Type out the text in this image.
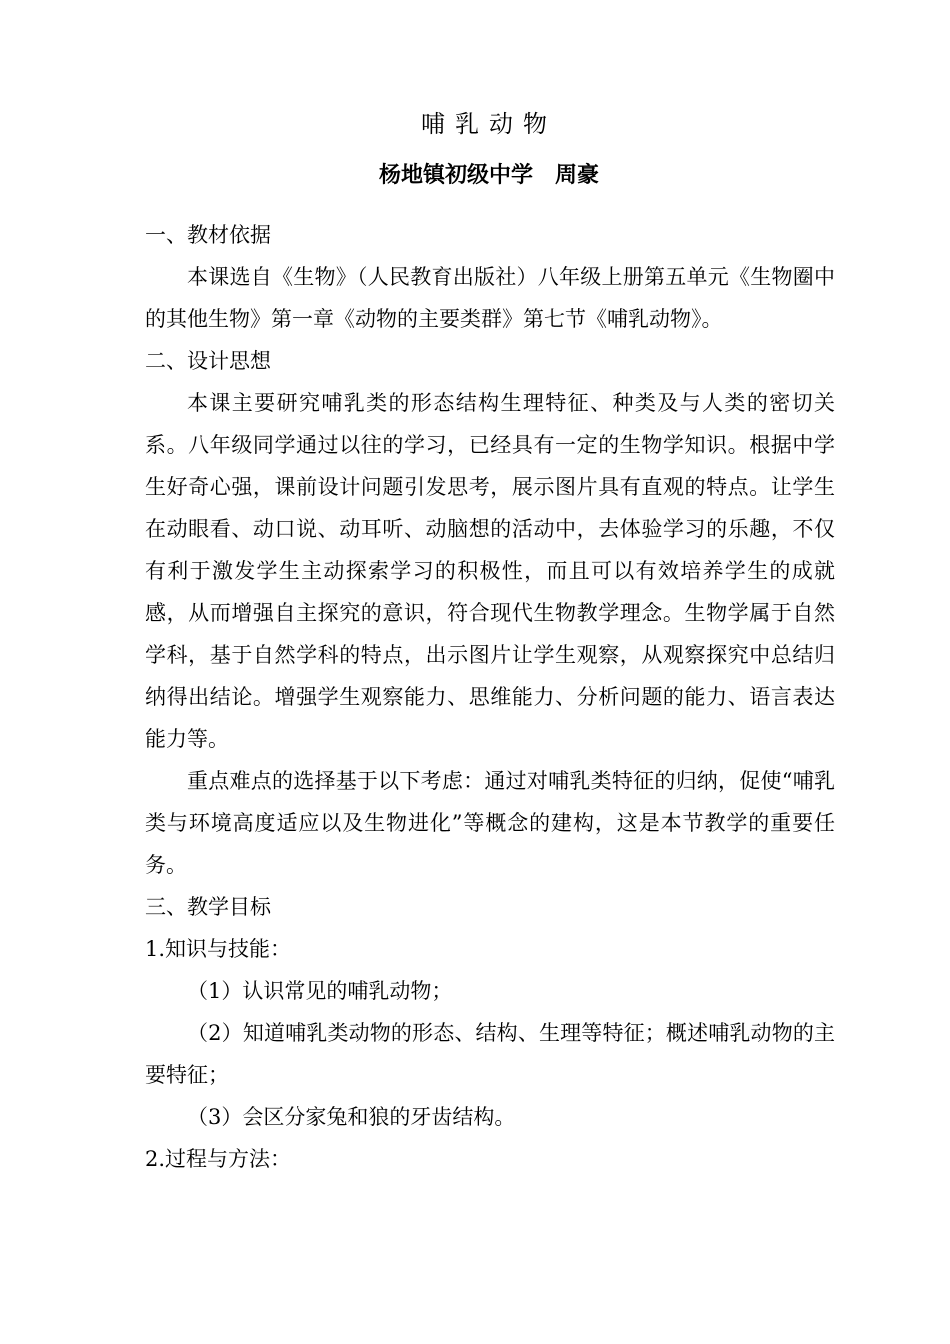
哺乳动物
杨地镇初级中学　周豪

一、教材依据

本课选自《生物》（人民教育出版社）八年级上册第五单元《生物圈中的其他生物》第一章《动物的主要类群》第七节《哺乳动物》。

二、设计思想

本课主要研究哺乳类的形态结构生理特征、种类及与人类的密切关系。八年级同学通过以往的学习，已经具有一定的生物学知识。根据中学生好奇心强，课前设计问题引发思考，展示图片具有直观的特点。让学生在动眼看、动口说、动耳听、动脑想的活动中，去体验学习的乐趣，不仅有利于激发学生主动探索学习的积极性，而且可以有效培养学生的成就感，从而增强自主探究的意识，符合现代生物教学理念。生物学属于自然学科，基于自然学科的特点，出示图片让学生观察，从观察探究中总结归纳得出结论。增强学生观察能力、思维能力、分析问题的能力、语言表达能力等。

重点难点的选择基于以下考虑：通过对哺乳类特征的归纳，促使“哺乳类与环境高度适应以及生物进化”等概念的建构，这是本节教学的重要任务。

三、教学目标

1.知识与技能：

（1）认识常见的哺乳动物；

（2）知道哺乳类动物的形态、结构、生理等特征；概述哺乳动物的主要特征；

（3）会区分家兔和狼的牙齿结构。

2.过程与方法：
